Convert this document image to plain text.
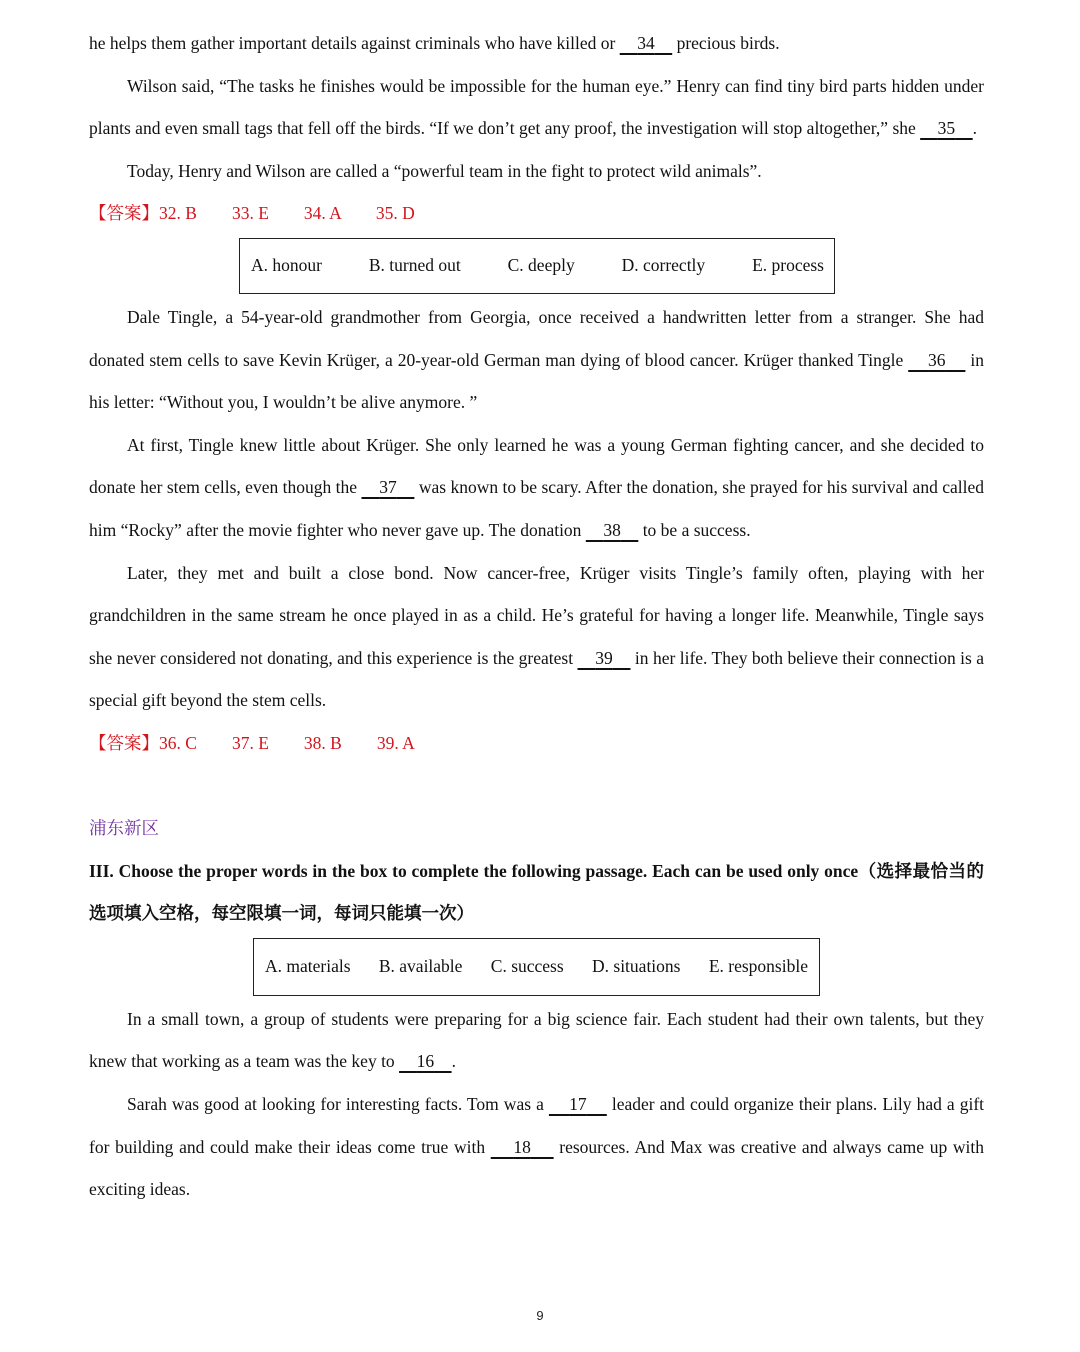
he helps them gather important details against criminals who have killed or     34     precious birds.

Wilson said, “The tasks he finishes would be impossible for the human eye.” Henry can find tiny bird parts hidden under plants and even small tags that fell off the birds. “If we don’t get any proof, the investigation will stop altogether,” she     35 .

Today, Henry and Wilson are called a “powerful team in the fight to protect wild animals”.

【答案】32. B 33. E 34. A 35. D

A. honour	B. turned out	C. deeply	D. correctly	E. process

Dale Tingle, a 54-year-old grandmother from Georgia, once received a handwritten letter from a stranger. She had donated stem cells to save Kevin Krüger, a 20-year-old German man dying of blood cancer. Krüger thanked Tingle     36     in his letter: “Without you, I wouldn’t be alive anymore. ”

At first, Tingle knew little about Krüger. She only learned he was a young German fighting cancer, and she decided to donate her stem cells, even though the     37     was known to be scary. After the donation, she prayed for his survival and called him “Rocky” after the movie fighter who never gave up. The donation     38     to be a success.

Later, they met and built a close bond. Now cancer-free, Krüger visits Tingle’s family often, playing with her grandchildren in the same stream he once played in as a child. He’s grateful for having a longer life. Meanwhile, Tingle says she never considered not donating, and this experience is the greatest     39     in her life. They both believe their connection is a special gift beyond the stem cells.

【答案】36. C 37. E 38. B 39. A

浦东新区

III. Choose the proper words in the box to complete the following passage. Each can be used only once（选择最恰当的选项填入空格，每空限填一词，每词只能填一次）

A. materials B. available C. success D. situations E. responsible

In a small town, a group of students were preparing for a big science fair. Each student had their own talents, but they knew that working as a team was the key to     16 .

Sarah was good at looking for interesting facts. Tom was a     17     leader and could organize their plans. Lily had a gift for building and could make their ideas come true with     18     resources. And Max was creative and always came up with exciting ideas.

9
